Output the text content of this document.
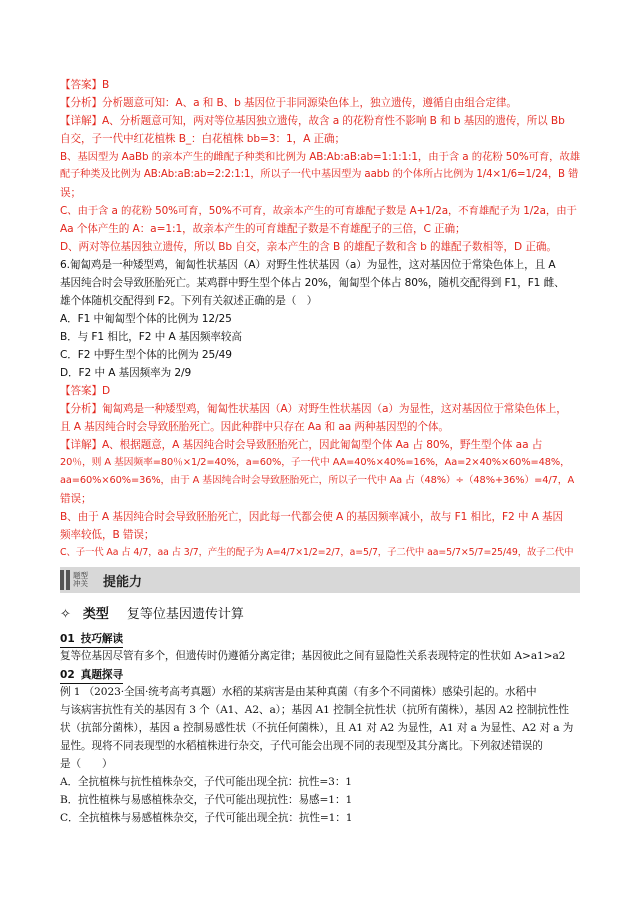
【答案】B
【分析】分析题意可知：A、a 和 B、b 基因位于非同源染色体上，独立遗传，遵循自由组合定律。
【详解】A、分析题意可知，两对等位基因独立遗传，故含 a 的花粉育性不影响 B 和 b 基因的遗传，所以 Bb
自交，子一代中红花植株 B_：白花植株 bb=3：1，A 正确；
B、基因型为 AaBb 的亲本产生的雌配子种类和比例为 AB:Ab:aB:ab=1:1:1:1，由于含 a 的花粉 50%可育，故雄
配子种类及比例为 AB:Ab:aB:ab=2:2:1:1，所以子一代中基因型为 aabb 的个体所占比例为 1/4×1/6=1/24，B 错
误；
C、由于含 a 的花粉 50%可育，50%不可育，故亲本产生的可育雄配子数是 A+1/2a，不育雄配子为 1/2a，由于
Aa 个体产生的 A：a=1:1，故亲本产生的可育雄配子数是不育雄配子的三倍，C 正确；
D、两对等位基因独立遗传，所以 Bb 自交，亲本产生的含 B 的雄配子数和含 b 的雄配子数相等，D 正确。
6.匍匐鸡是一种矮型鸡，匍匐性状基因（A）对野生性状基因（a）为显性，这对基因位于常染色体上，且 A
基因纯合时会导致胚胎死亡。某鸡群中野生型个体占 20%，匍匐型个体占 80%，随机交配得到 F1，F1 雌、
雄个体随机交配得到 F2。下列有关叙述正确的是（　）
A．F1 中匍匐型个体的比例为 12/25
B．与 F1 相比，F2 中 A 基因频率较高
C．F2 中野生型个体的比例为 25/49
D．F2 中 A 基因频率为 2/9
【答案】D
【分析】匍匐鸡是一种矮型鸡，匍匐性状基因（A）对野生性状基因（a）为显性，这对基因位于常染色体上，
且 A 基因纯合时会导致胚胎死亡。因此种群中只存在 Aa 和 aa 两种基因型的个体。
【详解】A、根据题意，A 基因纯合时会导致胚胎死亡，因此匍匐型个体 Aa 占 80%，野生型个体 aa 占
20％，则 A 基因频率=80％×1/2=40%，a=60%，子一代中 AA=40%×40%=16%，Aa=2×40%×60%=48%，
aa=60%×60%=36%，由于 A 基因纯合时会导致胚胎死亡，所以子一代中 Aa 占（48%）÷（48%+36%）=4/7，A
错误；
B、由于 A 基因纯合时会导致胚胎死亡，因此每一代都会使 A 的基因频率减小，故与 F1 相比，F2 中 A 基因
频率较低，B 错误；
C、子一代 Aa 占 4/7，aa 占 3/7，产生的配子为 A=4/7×1/2=2/7，a=5/7，子二代中 aa=5/7×5/7=25/49，故子二代中
题型冲关	提能力
✧ 类型 复等位基因遗传计算
01 技巧解读
复等位基因尽管有多个，但遗传时仍遵循分离定律；基因彼此之间有显隐性关系表现特定的性状如 A>a1>a2
02 真题探寻
例 1 （2023·全国·统考高考真题）水稻的某病害是由某种真菌（有多个不同菌株）感染引起的。水稻中
与该病害抗性有关的基因有 3 个（A1、A2、a）；基因 A1 控制全抗性状（抗所有菌株），基因 A2 控制抗性性
状（抗部分菌株），基因 a 控制易感性状（不抗任何菌株），且 A1 对 A2 为显性，A1 对 a 为显性、A2 对 a 为
显性。现将不同表现型的水稻植株进行杂交，子代可能会出现不同的表现型及其分离比。下列叙述错误的
是（　　）
A．全抗植株与抗性植株杂交，子代可能出现全抗：抗性=3：1
B．抗性植株与易感植株杂交，子代可能出现抗性：易感=1：1
C．全抗植株与易感植株杂交，子代可能出现全抗：抗性=1：1
